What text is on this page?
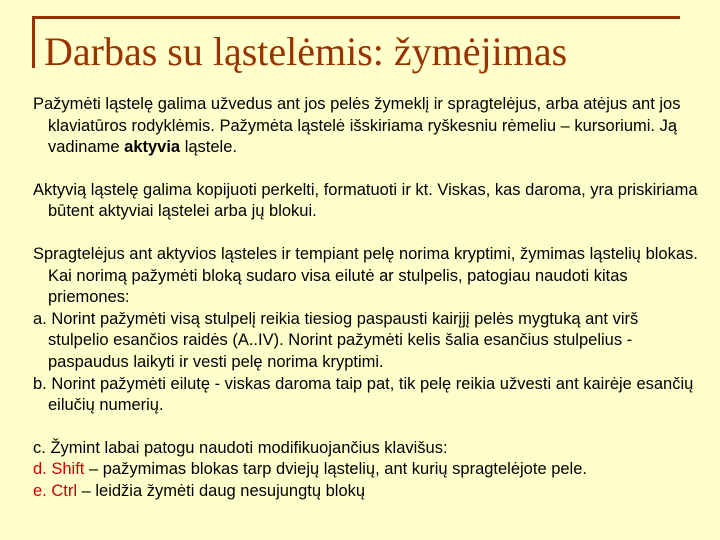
Darbas su ląstelėmis: žymėjimas

Pažymėti ląstelę galima užvedus ant jos pelės žymeklį ir spragtelėjus, arba atėjus ant jos klaviatūros rodyklėmis. Pažymėta ląstelė išskiriama ryškesniu rėmeliu – kursoriumi. Ją vadiname aktyvia ląstele.

Aktyvią ląstelę galima kopijuoti perkelti, formatuoti ir kt. Viskas, kas daroma, yra priskiriama būtent aktyviai ląstelei arba jų blokui.

Spragtelėjus ant aktyvios ląsteles ir tempiant pelę norima kryptimi, žymimas ląstelių blokas. Kai norimą pažymėti bloką sudaro visa eilutė ar stulpelis, patogiau naudoti kitas priemones:

a. Norint pažymėti visą stulpelį reikia tiesiog paspausti kairįjį pelės mygtuką ant virš stulpelio esančios raidės (A..IV). Norint pažymėti kelis šalia esančius stulpelius - paspaudus laikyti ir vesti pelę norima kryptimi.
b. Norint pažymėti eilutę - viskas daroma taip pat, tik pelę reikia užvesti ant kairėje esančių eilučių numerių.
c. Žymint labai patogu naudoti modifikuojančius klavišus:
d. Shift – pažymimas blokas tarp dviejų ląstelių, ant kurių spragtelėjote pele.
e. Ctrl – leidžia žymėti daug nesujungtų blokų
